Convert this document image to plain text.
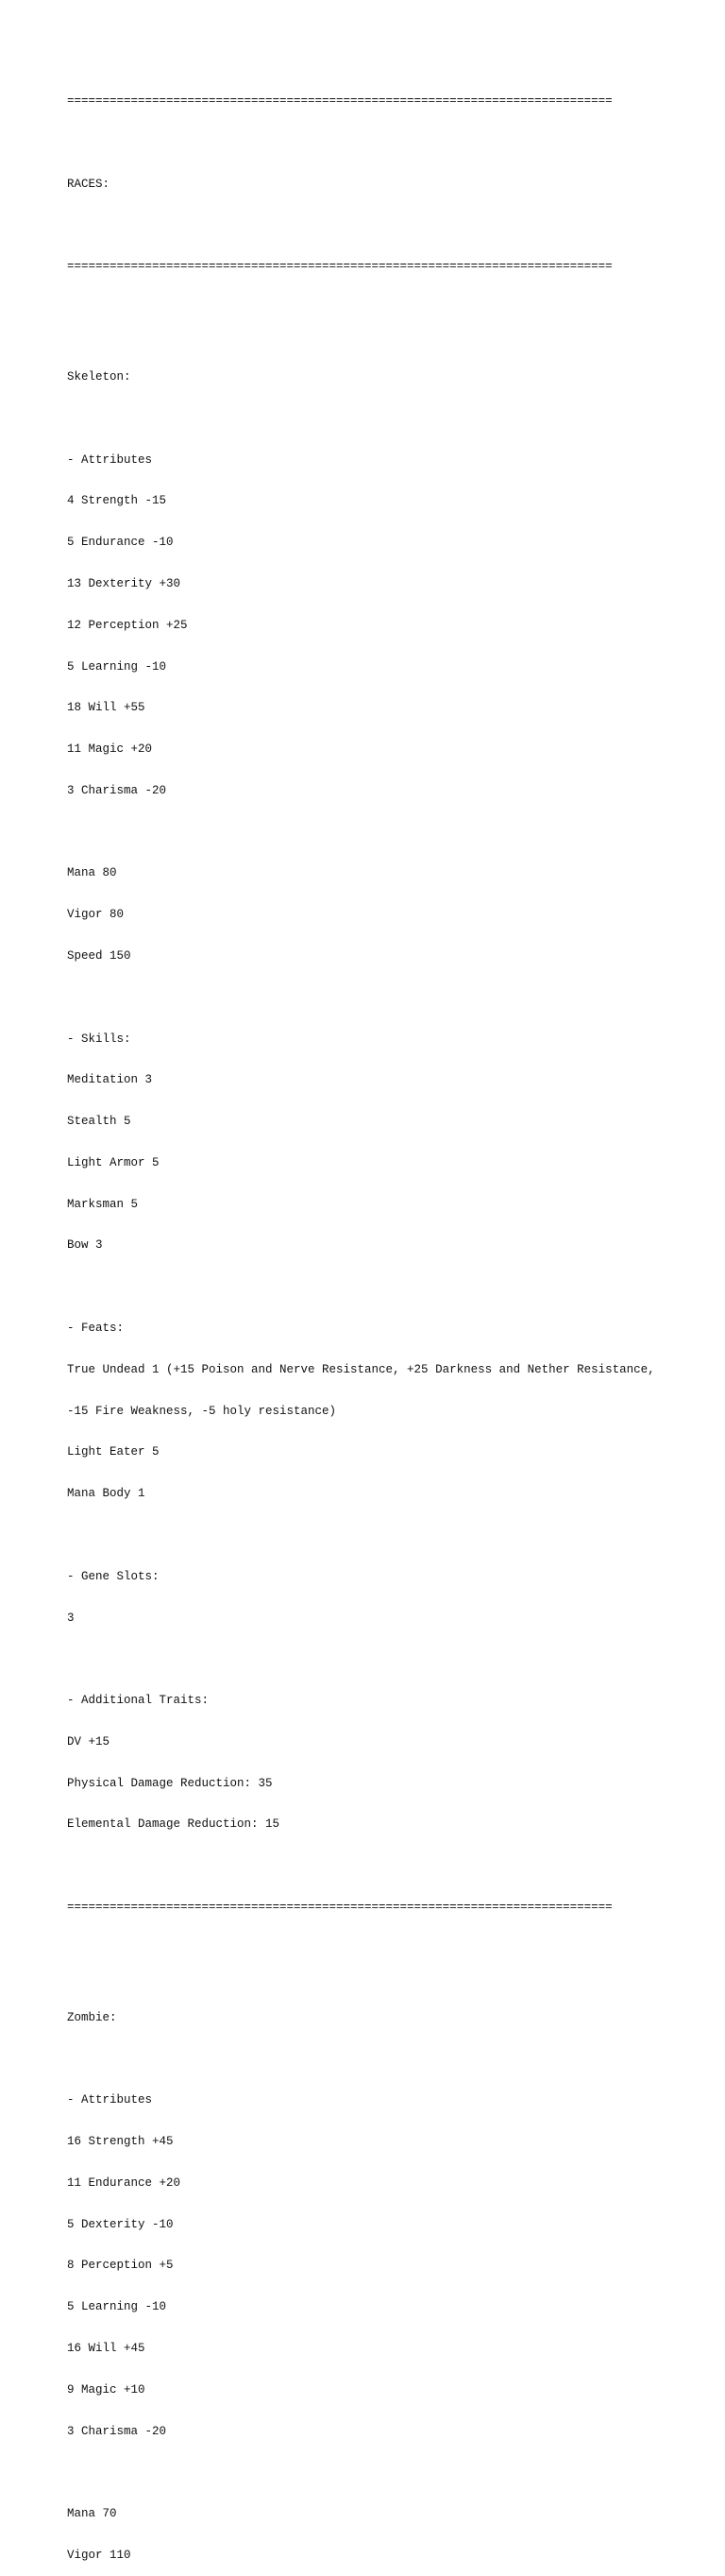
=============================================================================

RACES:

=============================================================================

Skeleton:

- Attributes

4 Strength -15

5 Endurance -10

13 Dexterity +30

12 Perception +25

5 Learning -10

18 Will +55

11 Magic +20

3 Charisma -20

Mana 80

Vigor 80

Speed 150

- Skills:

Meditation 3

Stealth 5

Light Armor 5

Marksman 5

Bow 3

- Feats:

True Undead 1 (+15 Poison and Nerve Resistance, +25 Darkness and Nether Resistance,

-15 Fire Weakness, -5 holy resistance)

Light Eater 5

Mana Body 1

- Gene Slots:

3

- Additional Traits:

DV +15

Physical Damage Reduction: 35

Elemental Damage Reduction: 15

=============================================================================

Zombie:

- Attributes

16 Strength +45

11 Endurance +20

5 Dexterity -10

8 Perception +5

5 Learning -10

16 Will +45

9 Magic +10

3 Charisma -20

Mana 70

Vigor 110
